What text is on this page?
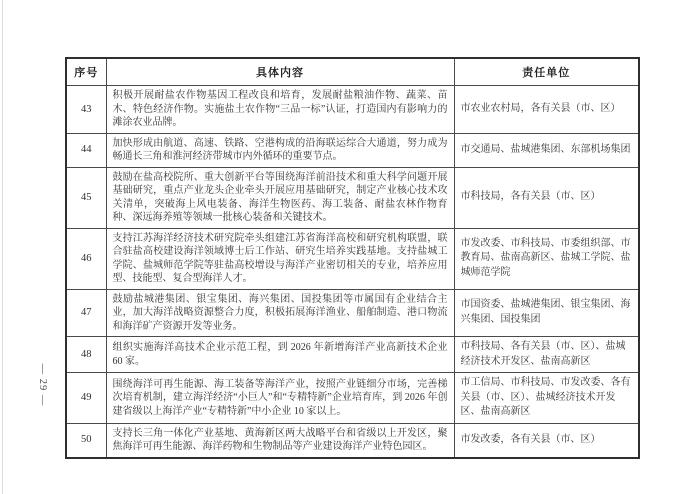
— 29 —
序号	具体内容	责任单位
43	积极开展耐盐农作物基因工程改良和培育，发展耐盐粮油作物、蔬菜、苗木、特色经济作物。实施盐土农作物“三品一标”认证，打造国内有影响力的滩涂农业品牌。	市农业农村局，各有关县（市、区）
44	加快形成由航道、高速、铁路、空港构成的沿海联运综合大通道，努力成为畅通长三角和淮河经济带城市内外循环的重要节点。	市交通局、盐城港集团、东部机场集团
45	鼓励在盐高校院所、重大创新平台等围绕海洋前沿技术和重大科学问题开展基础研究，重点产业龙头企业牵头开展应用基础研究，制定产业核心技术攻关清单，突破海上风电装备、海洋生物医药、海工装备、耐盐农林作物育种、深远海养殖等领域一批核心装备和关键技术。	市科技局，各有关县（市、区）
46	支持江苏海洋经济技术研究院牵头组建江苏省海洋高校和研究机构联盟，联合驻盐高校建设海洋领域博士后工作站、研究生培养实践基地。支持盐城工学院、盐城师范学院等驻盐高校增设与海洋产业密切相关的专业，培养应用型、技能型、复合型海洋人才。	市发改委、市科技局、市委组织部、市教育局、盐南高新区、盐城工学院、盐城师范学院
47	鼓励盐城港集团、银宝集团、海兴集团、国投集团等市属国有企业结合主业，加大海洋战略资源整合力度，积极拓展海洋渔业、船舶制造、港口物流和海洋矿产资源开发等业务。	市国资委、盐城港集团、银宝集团、海兴集团、国投集团
48	组织实施海洋高技术企业示范工程，到 2026 年新增海洋产业高新技术企业 60 家。	市科技局、各有关县（市、区）、盐城经济技术开发区、盐南高新区
49	围绕海洋可再生能源、海工装备等海洋产业，按照产业链细分市场，完善梯次培育机制，建立海洋经济“小巨人”和“专精特新”企业培育库，到 2026 年创建省级以上海洋产业“专精特新”中小企业 10 家以上。	市工信局、市科技局、市发改委、各有关县（市、区）、盐城经济技术开发区、盐南高新区
50	支持长三角一体化产业基地、黄海新区两大战略平台和省级以上开发区，聚焦海洋可再生能源、海洋药物和生物制品等产业建设海洋产业特色园区。	市发改委，各有关县（市、区）
